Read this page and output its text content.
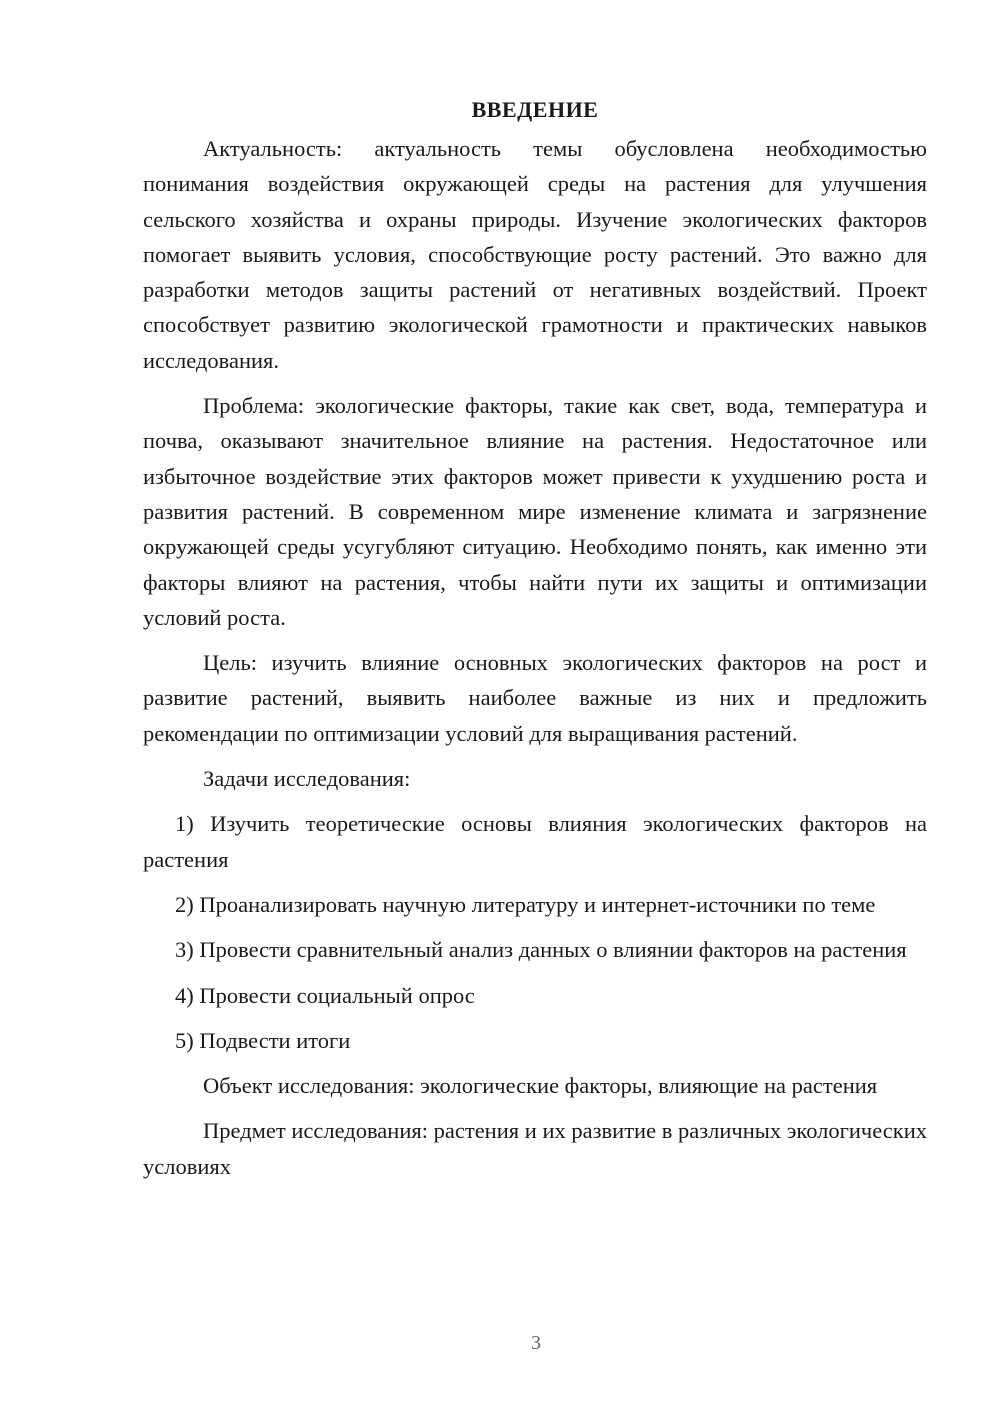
ВВЕДЕНИЕ

Актуальность: актуальность темы обусловлена необходимостью понимания воздействия окружающей среды на растения для улучшения сельского хозяйства и охраны природы. Изучение экологических факторов помогает выявить условия, способствующие росту растений. Это важно для разработки методов защиты растений от негативных воздействий. Проект способствует развитию экологической грамотности и практических навыков исследования.

Проблема: экологические факторы, такие как свет, вода, температура и почва, оказывают значительное влияние на растения. Недостаточное или избыточное воздействие этих факторов может привести к ухудшению роста и развития растений. В современном мире изменение климата и загрязнение окружающей среды усугубляют ситуацию. Необходимо понять, как именно эти факторы влияют на растения, чтобы найти пути их защиты и оптимизации условий роста.

Цель: изучить влияние основных экологических факторов на рост и развитие растений, выявить наиболее важные из них и предложить рекомендации по оптимизации условий для выращивания растений.

Задачи исследования:

1) Изучить теоретические основы влияния экологических факторов на растения

2) Проанализировать научную литературу и интернет-источники по теме

3) Провести сравнительный анализ данных о влиянии факторов на растения

4) Провести социальный опрос

5) Подвести итоги

Объект исследования: экологические факторы, влияющие на растения

Предмет исследования: растения и их развитие в различных экологических условиях

3
